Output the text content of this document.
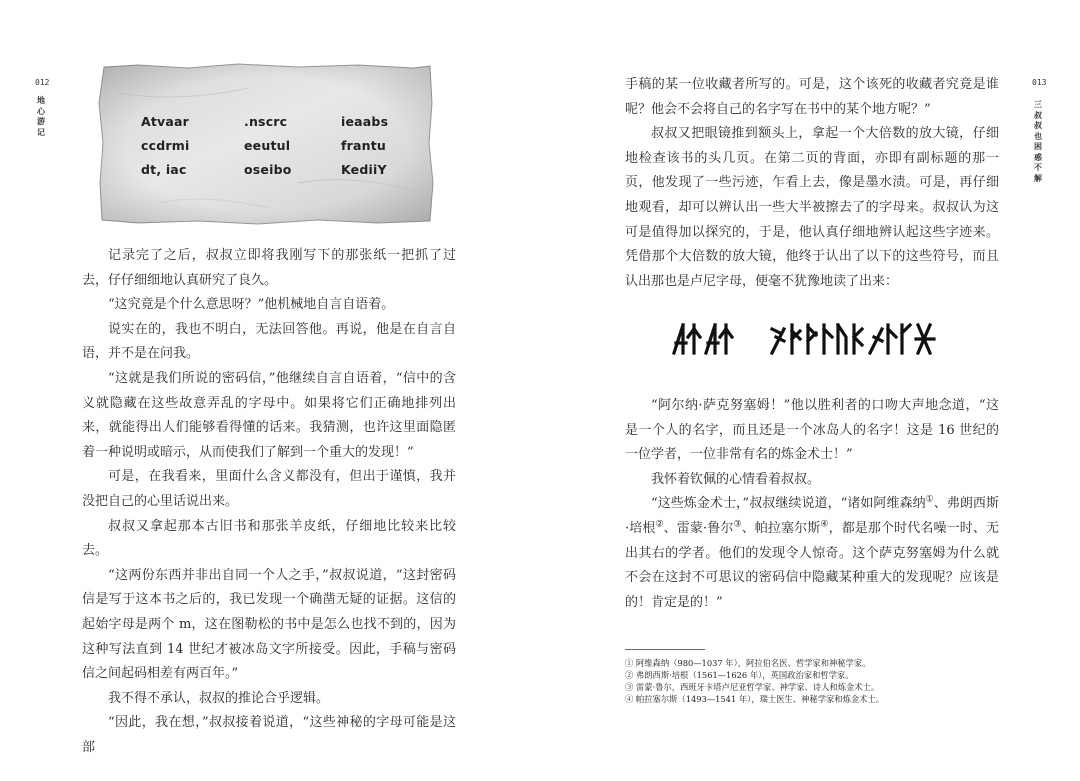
012
地
心
游
记
Atvaar	.nscrc	ieaabs
ccdrmi	eeutul	frantu
dt, iac	oseibo	KediiY

记录完了之后，叔叔立即将我刚写下的那张纸一把抓了过去，仔仔细细地认真研究了良久。

“这究竟是个什么意思呀？”他机械地自言自语着。

说实在的，我也不明白，无法回答他。再说，他是在自言自语，并不是在问我。

“这就是我们所说的密码信，”他继续自言自语着，“信中的含义就隐藏在这些故意弄乱的字母中。如果将它们正确地排列出来，就能得出人们能够看得懂的话来。我猜测，也许这里面隐匿着一种说明或暗示，从而使我们了解到一个重大的发现！”

可是，在我看来，里面什么含义都没有，但出于谨慎，我并没把自己的心里话说出来。

叔叔又拿起那本古旧书和那张羊皮纸，仔细地比较来比较去。

“这两份东西并非出自同一个人之手，”叔叔说道，“这封密码信是写于这本书之后的，我已发现一个确凿无疑的证据。这信的起始字母是两个 m，这在图勒松的书中是怎么也找不到的，因为这种写法直到 14 世纪才被冰岛文字所接受。因此，手稿与密码信之间起码相差有两百年。”

我不得不承认，叔叔的推论合乎逻辑。

“因此，我在想，”叔叔接着说道，“这些神秘的字母可能是这部

013
三
叔
叔
也
困
惑
不
解

手稿的某一位收藏者所写的。可是，这个该死的收藏者究竟是谁呢？他会不会将自己的名字写在书中的某个地方呢？”

叔叔又把眼镜推到额头上，拿起一个大倍数的放大镜，仔细地检查该书的头几页。在第二页的背面，亦即有副标题的那一页，他发现了一些污迹，乍看上去，像是墨水渍。可是，再仔细地观看，却可以辨认出一些大半被擦去了的字母来。叔叔认为这可是值得加以探究的，于是，他认真仔细地辨认起这些字迹来。凭借那个大倍数的放大镜，他终于认出了以下的这些符号，而且认出那也是卢尼字母，便毫不犹豫地读了出来：

“阿尔纳·萨克努塞姆！”他以胜利者的口吻大声地念道，“这是一个人的名字，而且还是一个冰岛人的名字！这是 16 世纪的一位学者，一位非常有名的炼金术士！”

我怀着钦佩的心情看着叔叔。

“这些炼金术士，”叔叔继续说道，“诸如阿维森纳①、弗朗西斯·培根②、雷蒙·鲁尔③、帕拉塞尔斯④，都是那个时代名噪一时、无出其右的学者。他们的发现令人惊奇。这个萨克努塞姆为什么就不会在这封不可思议的密码信中隐藏某种重大的发现呢？应该是的！肯定是的！”

① 阿维森纳（980—1037 年），阿拉伯名医、哲学家和神秘学家。
② 弗朗西斯·培根（1561—1626 年），英国政治家和哲学家。
③ 雷蒙·鲁尔，西班牙卡塔卢尼亚哲学家、神学家、诗人和炼金术士。
④ 帕拉塞尔斯（1493—1541 年），瑞士医生、神秘学家和炼金术士。
